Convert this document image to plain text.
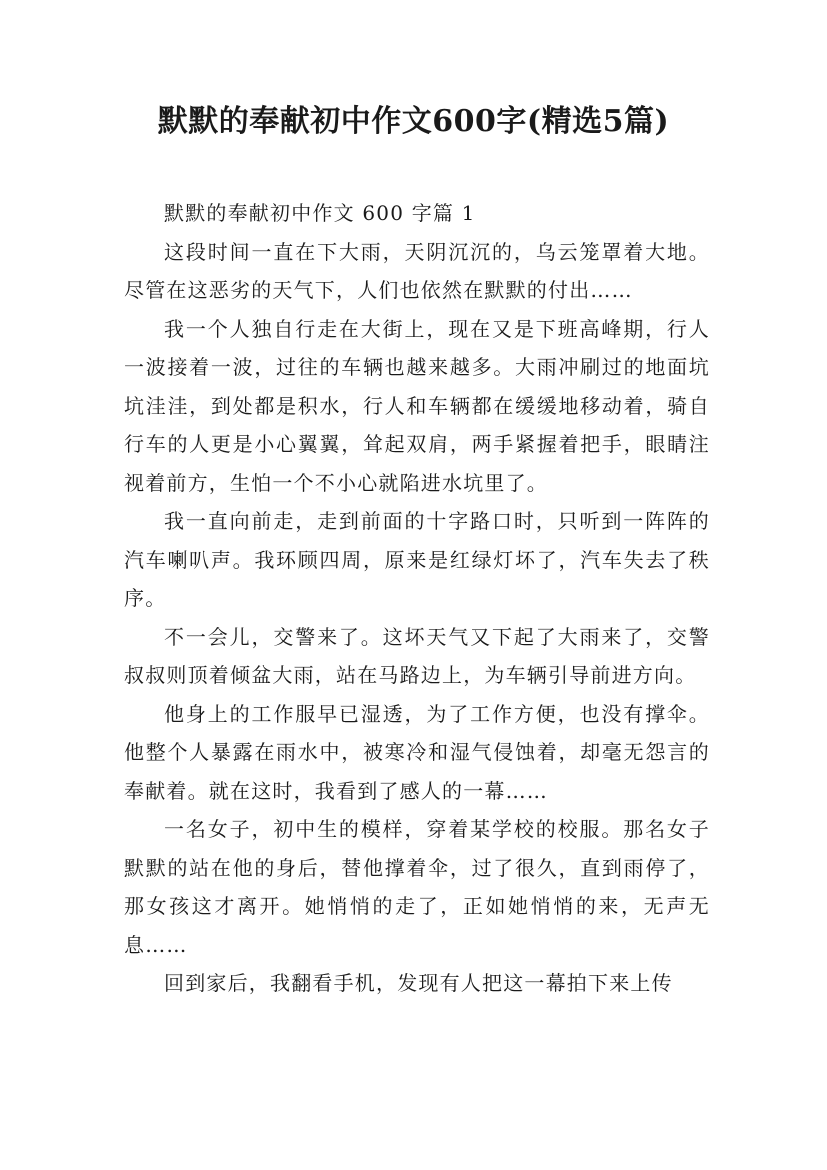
默默的奉献初中作文600字(精选5篇)

默默的奉献初中作文 600 字篇 1

这段时间一直在下大雨，天阴沉沉的，乌云笼罩着大地。尽管在这恶劣的天气下，人们也依然在默默的付出……

我一个人独自行走在大街上，现在又是下班高峰期，行人一波接着一波，过往的车辆也越来越多。大雨冲刷过的地面坑坑洼洼，到处都是积水，行人和车辆都在缓缓地移动着，骑自行车的人更是小心翼翼，耸起双肩，两手紧握着把手，眼睛注视着前方，生怕一个不小心就陷进水坑里了。

我一直向前走，走到前面的十字路口时，只听到一阵阵的汽车喇叭声。我环顾四周，原来是红绿灯坏了，汽车失去了秩序。

不一会儿，交警来了。这坏天气又下起了大雨来了，交警叔叔则顶着倾盆大雨，站在马路边上，为车辆引导前进方向。

他身上的工作服早已湿透，为了工作方便，也没有撑伞。他整个人暴露在雨水中，被寒冷和湿气侵蚀着，却毫无怨言的奉献着。就在这时，我看到了感人的一幕……

一名女子，初中生的模样，穿着某学校的校服。那名女子默默的站在他的身后，替他撑着伞，过了很久，直到雨停了，那女孩这才离开。她悄悄的走了，正如她悄悄的来，无声无息……

回到家后，我翻看手机，发现有人把这一幕拍下来上传
